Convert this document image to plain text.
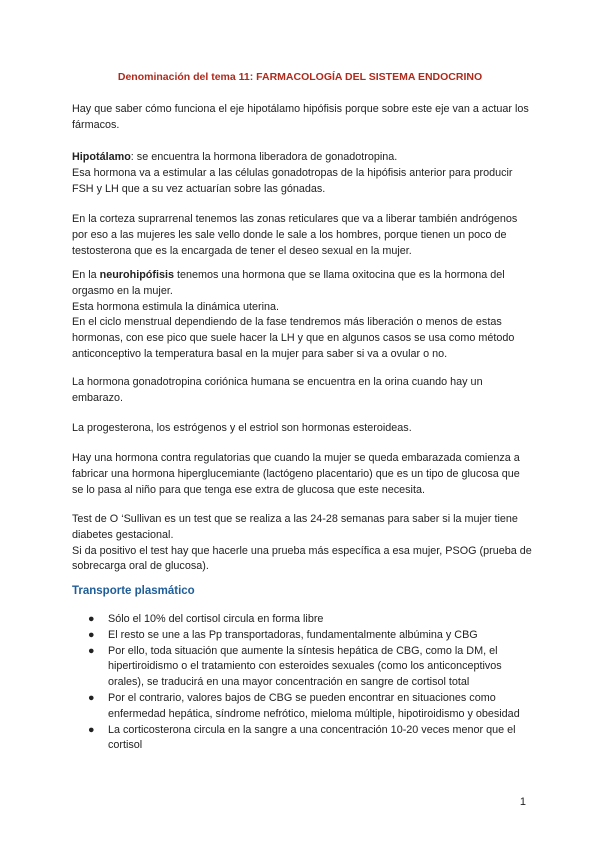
Denominación del tema 11: FARMACOLOGÍA DEL SISTEMA ENDOCRINO

Hay que saber cómo funciona el eje hipotálamo hipófisis porque sobre este eje van a actuar los fármacos.

Hipotálamo: se encuentra la hormona liberadora de gonadotropina.
Esa hormona va a estimular a las células gonadotropas de la hipófisis anterior para producir FSH y LH que a su vez actuarían sobre las gónadas.

En la corteza suprarrenal tenemos las zonas reticulares que va a liberar también andrógenos por eso a las mujeres les sale vello donde le sale a los hombres, porque tienen un poco de testosterona que es la encargada de tener el deseo sexual en la mujer.

En la neurohipófisis tenemos una hormona que se llama oxitocina que es la hormona del orgasmo en la mujer.
Esta hormona estimula la dinámica uterina.
En el ciclo menstrual dependiendo de la fase tendremos más liberación o menos de estas hormonas, con ese pico que suele hacer la LH y que en algunos casos se usa como método anticonceptivo la temperatura basal en la mujer para saber si va a ovular o no.

La hormona gonadotropina coriónica humana se encuentra en la orina cuando hay un embarazo.

La progesterona, los estrógenos y el estriol son hormonas esteroideas.

Hay una hormona contra regulatorias que cuando la mujer se queda embarazada comienza a fabricar una hormona hiperglucemiante (lactógeno placentario) que es un tipo de glucosa que se lo pasa al niño para que tenga ese extra de glucosa que este necesita.

Test de O ‘Sullivan es un test que se realiza a las 24-28 semanas para saber si la mujer tiene diabetes gestacional.
Si da positivo el test hay que hacerle una prueba más específica a esa mujer, PSOG (prueba de sobrecarga oral de glucosa).

Transporte plasmático
● Sólo el 10% del cortisol circula en forma libre
● El resto se une a las Pp transportadoras, fundamentalmente albúmina y CBG
● Por ello, toda situación que aumente la síntesis hepática de CBG, como la DM, el hipertiroidismo o el tratamiento con esteroides sexuales (como los anticonceptivos orales), se traducirá en una mayor concentración en sangre de cortisol total
● Por el contrario, valores bajos de CBG se pueden encontrar en situaciones como enfermedad hepática, síndrome nefrótico, mieloma múltiple, hipotiroidismo y obesidad
● La corticosterona circula en la sangre a una concentración 10-20 veces menor que el cortisol
1
